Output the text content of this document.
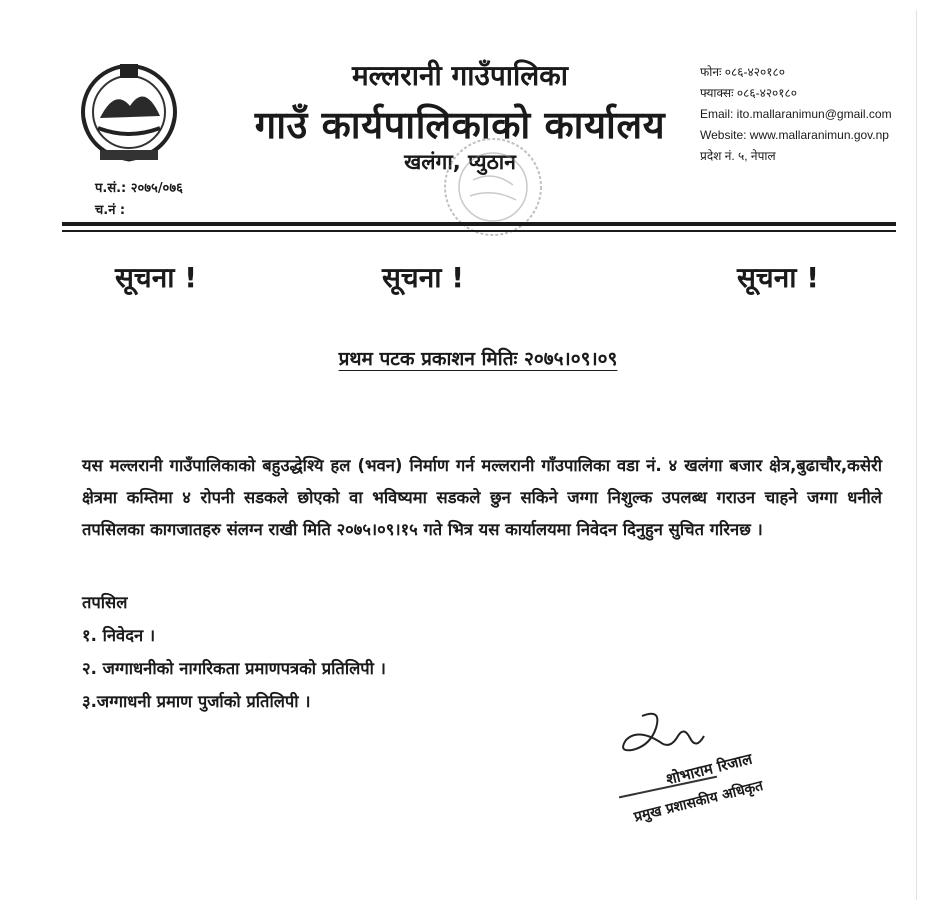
मल्लरानी गाउँपालिका
गाउँ कार्यपालिकाको कार्यालय
खलंगा, प्युठान
फोनः ०८६-४२०१८०
फ्याक्सः ०८६-४२०१८०
Email: ito.mallaranimun@gmail.com
Website: www.mallaranimun.gov.np
प्रदेश नं. ५, नेपाल
प.सं.: २०७५/०७६
च.नं :
सूचना !	सूचना !	सूचना !
प्रथम पटक प्रकाशन मितिः २०७५।०९।०९
यस मल्लरानी गाउँपालिकाको बहुउद्धेश्यि हल (भवन) निर्माण गर्न मल्लरानी गाँउपालिका वडा नं. ४ खलंगा बजार क्षेत्र,बुढाचौर,कसेरी क्षेत्रमा कम्तिमा ४ रोपनी सडकले छोएको वा भविष्यमा सडकले छुन सकिने जग्गा निशुल्क उपलब्ध गराउन चाहने जग्गा धनीले तपसिलका कागजातहरु संलग्न राखी मिति २०७५।०९।१५ गते भित्र यस कार्यालयमा निवेदन दिनुहुन सुचित गरिनछ ।
तपसिल
१. निवेदन ।
२. जग्गाधनीको नागरिकता प्रमाणपत्रको प्रतिलिपी ।
३.जग्गाधनी प्रमाण पुर्जाको प्रतिलिपी ।
शोभाराम रिजाल
प्रमुख प्रशासकीय अधिकृत
